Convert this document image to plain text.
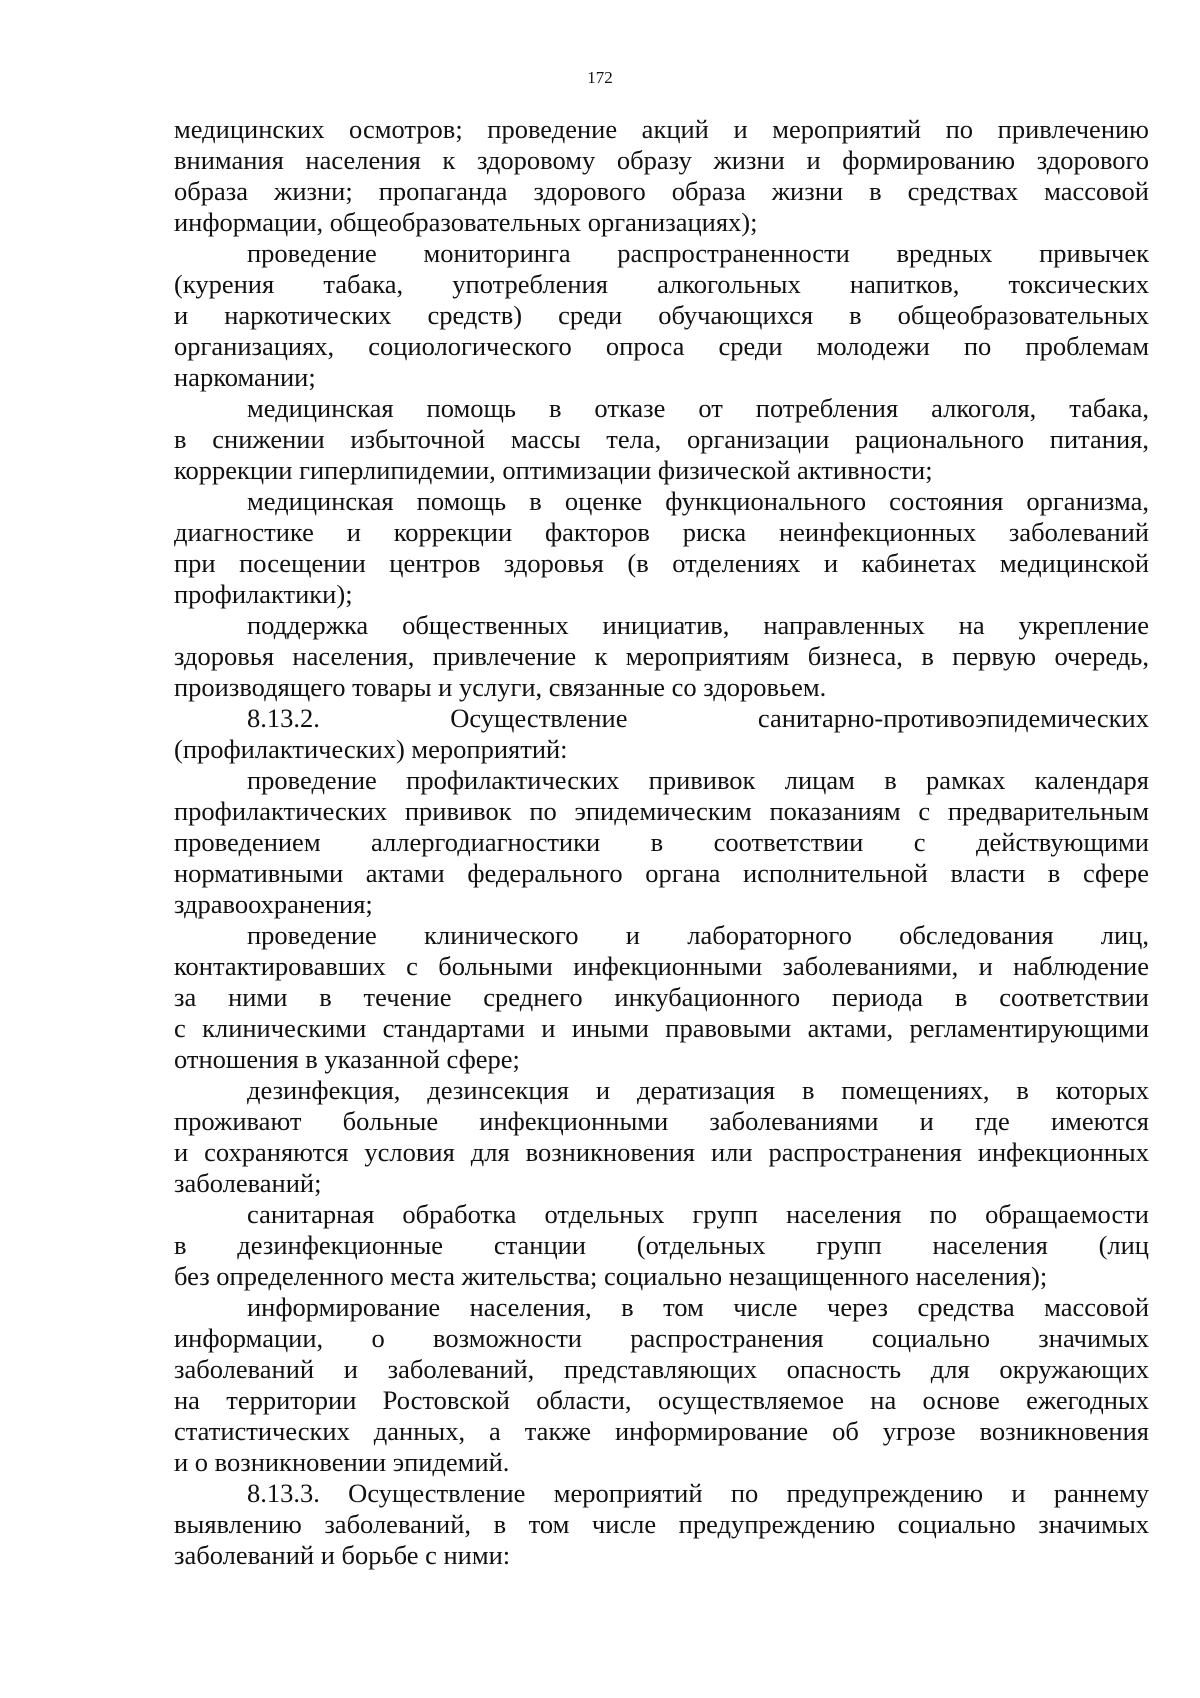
172
медицинских осмотров; проведение акций и мероприятий по привлечению
внимания населения к здоровому образу жизни и формированию здорового
образа жизни; пропаганда здорового образа жизни в средствах массовой
информации, общеобразовательных организациях);
проведение мониторинга распространенности вредных привычек
(курения табака, употребления алкогольных напитков, токсических
и наркотических средств) среди обучающихся в общеобразовательных
организациях, социологического опроса среди молодежи по проблемам
наркомании;
медицинская помощь в отказе от потребления алкоголя, табака,
в снижении избыточной массы тела, организации рационального питания,
коррекции гиперлипидемии, оптимизации физической активности;
медицинская помощь в оценке функционального состояния организма,
диагностике и коррекции факторов риска неинфекционных заболеваний
при посещении центров здоровья (в отделениях и кабинетах медицинской
профилактики);
поддержка общественных инициатив, направленных на укрепление
здоровья населения, привлечение к мероприятиям бизнеса, в первую очередь,
производящего товары и услуги, связанные со здоровьем.
8.13.2. Осуществление санитарно-противоэпидемических
(профилактических) мероприятий:
проведение профилактических прививок лицам в рамках календаря
профилактических прививок по эпидемическим показаниям с предварительным
проведением аллергодиагностики в соответствии с действующими
нормативными актами федерального органа исполнительной власти в сфере
здравоохранения;
проведение клинического и лабораторного обследования лиц,
контактировавших с больными инфекционными заболеваниями, и наблюдение
за ними в течение среднего инкубационного периода в соответствии
с клиническими стандартами и иными правовыми актами, регламентирующими
отношения в указанной сфере;
дезинфекция, дезинсекция и дератизация в помещениях, в которых
проживают больные инфекционными заболеваниями и где имеются
и сохраняются условия для возникновения или распространения инфекционных
заболеваний;
санитарная обработка отдельных групп населения по обращаемости
в дезинфекционные станции (отдельных групп населения (лиц
без определенного места жительства; социально незащищенного населения);
информирование населения, в том числе через средства массовой
информации, о возможности распространения социально значимых
заболеваний и заболеваний, представляющих опасность для окружающих
на территории Ростовской области, осуществляемое на основе ежегодных
статистических данных, а также информирование об угрозе возникновения
и о возникновении эпидемий.
8.13.3. Осуществление мероприятий по предупреждению и раннему
выявлению заболеваний, в том числе предупреждению социально значимых
заболеваний и борьбе с ними:
